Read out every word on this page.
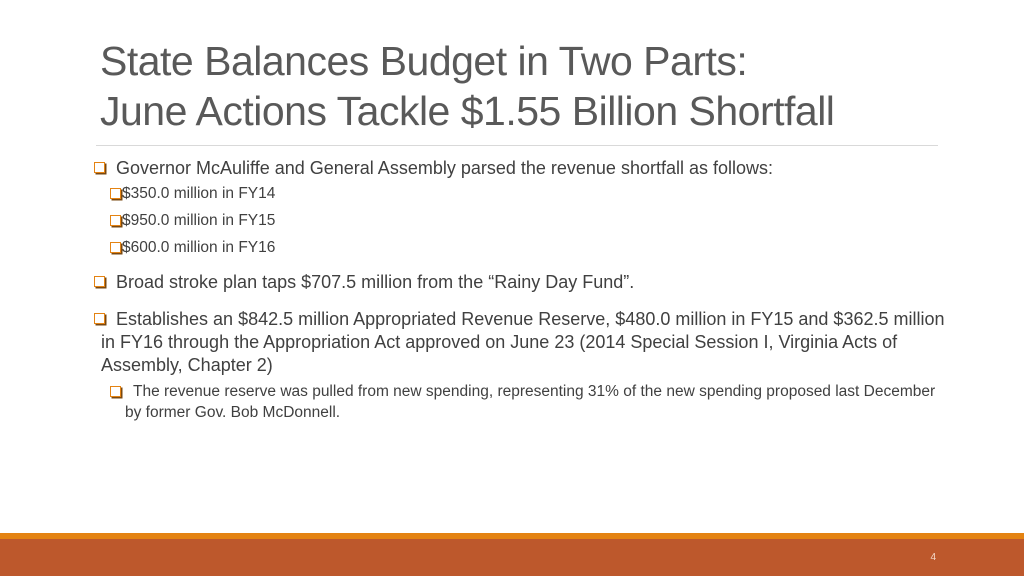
State Balances Budget in Two Parts:
June Actions Tackle $1.55 Billion Shortfall
Governor McAuliffe and General Assembly parsed the revenue shortfall as follows:
$350.0 million in FY14
$950.0 million in FY15
$600.0 million in FY16
Broad stroke plan taps $707.5 million from the “Rainy Day Fund”.
Establishes an $842.5 million Appropriated Revenue Reserve, $480.0 million in FY15 and $362.5 million in FY16 through the Appropriation Act approved on June 23 (2014 Special Session I, Virginia Acts of Assembly, Chapter 2)
The revenue reserve was pulled from new spending, representing 31% of the new spending proposed last December by former Gov. Bob McDonnell.
4
